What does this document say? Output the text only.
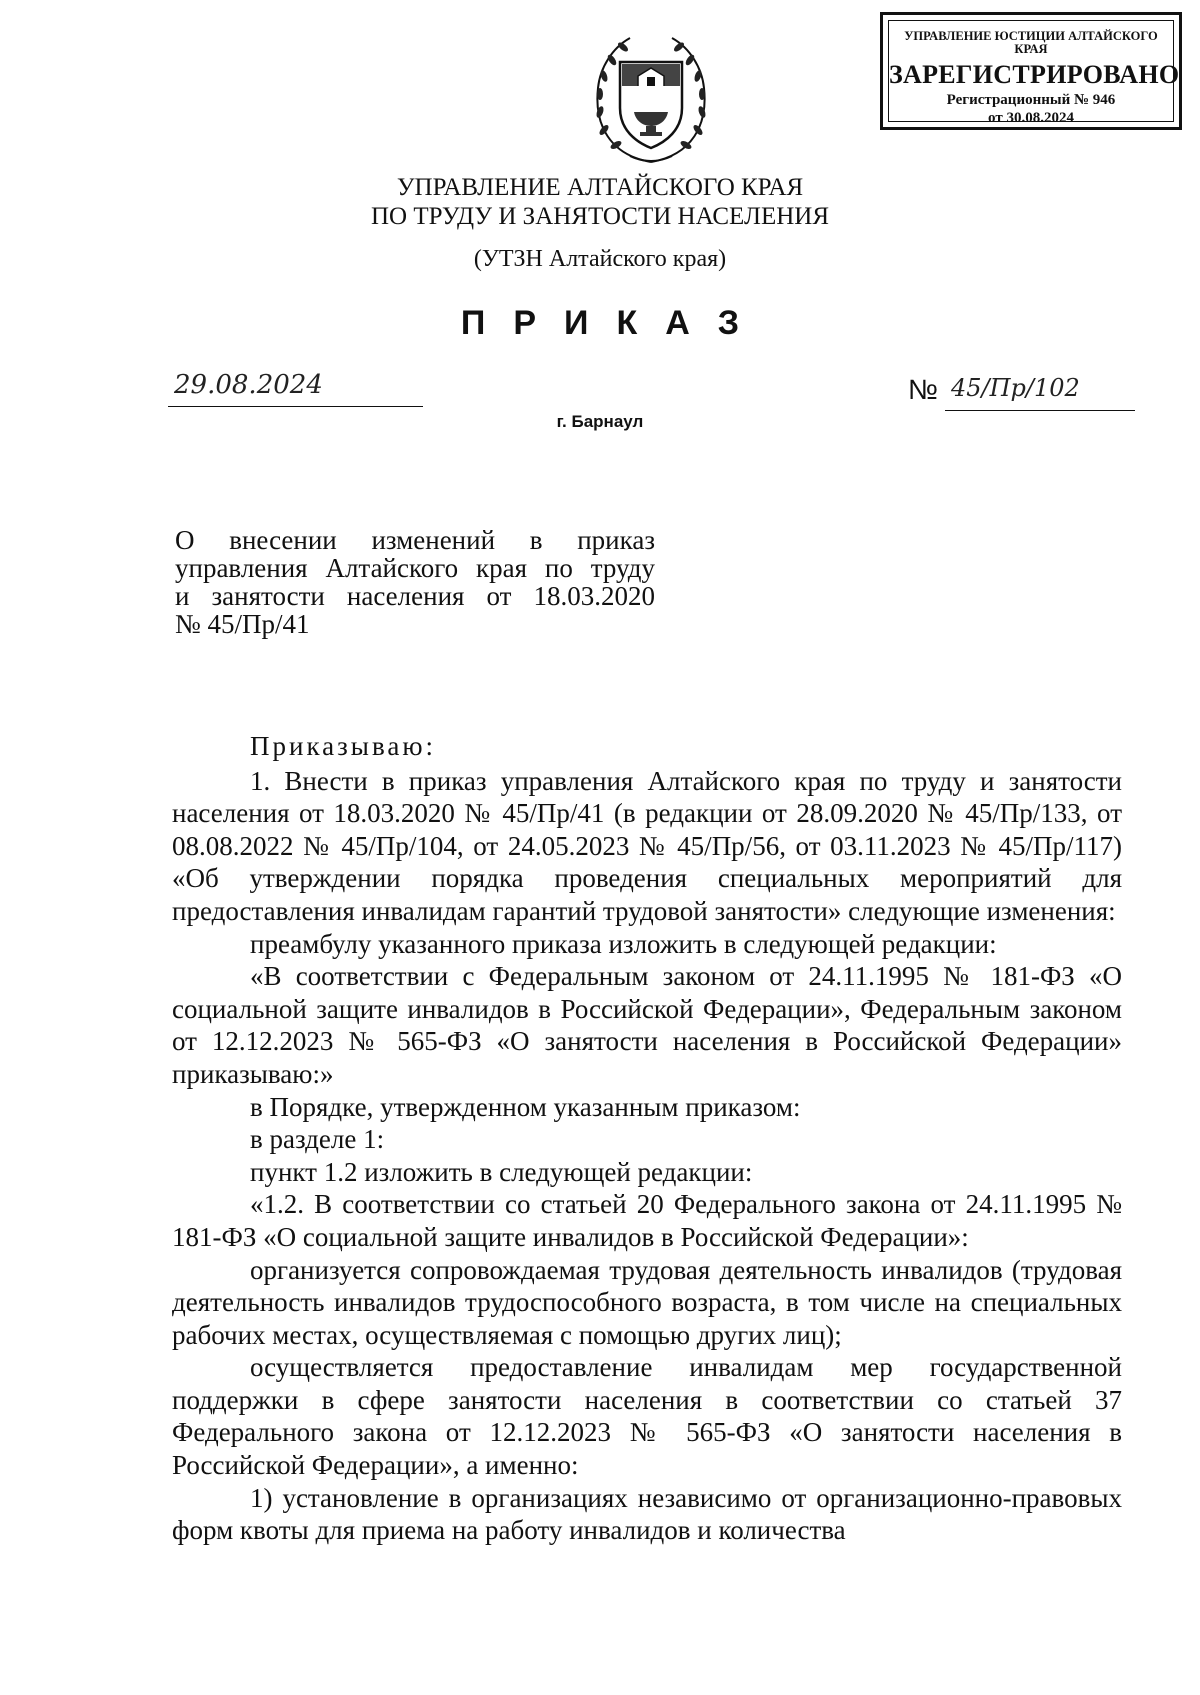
УПРАВЛЕНИЕ ЮСТИЦИИ АЛТАЙСКОГО КРАЯ
ЗАРЕГИСТРИРОВАНО
Регистрационный № 946
от 30.08.2024
УПРАВЛЕНИЕ АЛТАЙСКОГО КРАЯ
ПО ТРУДУ И ЗАНЯТОСТИ НАСЕЛЕНИЯ
(УТЗН Алтайского края)
ПРИКАЗ
29.08.2024	№ 45/Пр/102
г. Барнаул
О внесении изменений в приказ
управления Алтайского края по труду
и занятости населения от 18.03.2020
№ 45/Пр/41

Приказываю:

1. Внести в приказ управления Алтайского края по труду и занятости населения от 18.03.2020 № 45/Пр/41 (в редакции от 28.09.2020 № 45/Пр/133, от 08.08.2022 № 45/Пр/104, от 24.05.2023 № 45/Пр/56, от 03.11.2023 № 45/Пр/117) «Об утверждении порядка проведения специальных мероприятий для предоставления инвалидам гарантий трудовой занятости» следующие изменения:

преамбулу указанного приказа изложить в следующей редакции:

«В соответствии с Федеральным законом от 24.11.1995 № 181-ФЗ «О социальной защите инвалидов в Российской Федерации», Федеральным законом от 12.12.2023 № 565-ФЗ «О занятости населения в Российской Федерации» приказываю:»

в Порядке, утвержденном указанным приказом:

в разделе 1:

пункт 1.2 изложить в следующей редакции:

«1.2. В соответствии со статьей 20 Федерального закона от 24.11.1995 № 181-ФЗ «О социальной защите инвалидов в Российской Федерации»:

организуется сопровождаемая трудовая деятельность инвалидов (трудовая деятельность инвалидов трудоспособного возраста, в том числе на специальных рабочих местах, осуществляемая с помощью других лиц);

осуществляется предоставление инвалидам мер государственной поддержки в сфере занятости населения в соответствии со статьей 37 Федерального закона от 12.12.2023 № 565-ФЗ «О занятости населения в Российской Федерации», а именно:

1) установление в организациях независимо от организационно-правовых форм квоты для приема на работу инвалидов и количества
